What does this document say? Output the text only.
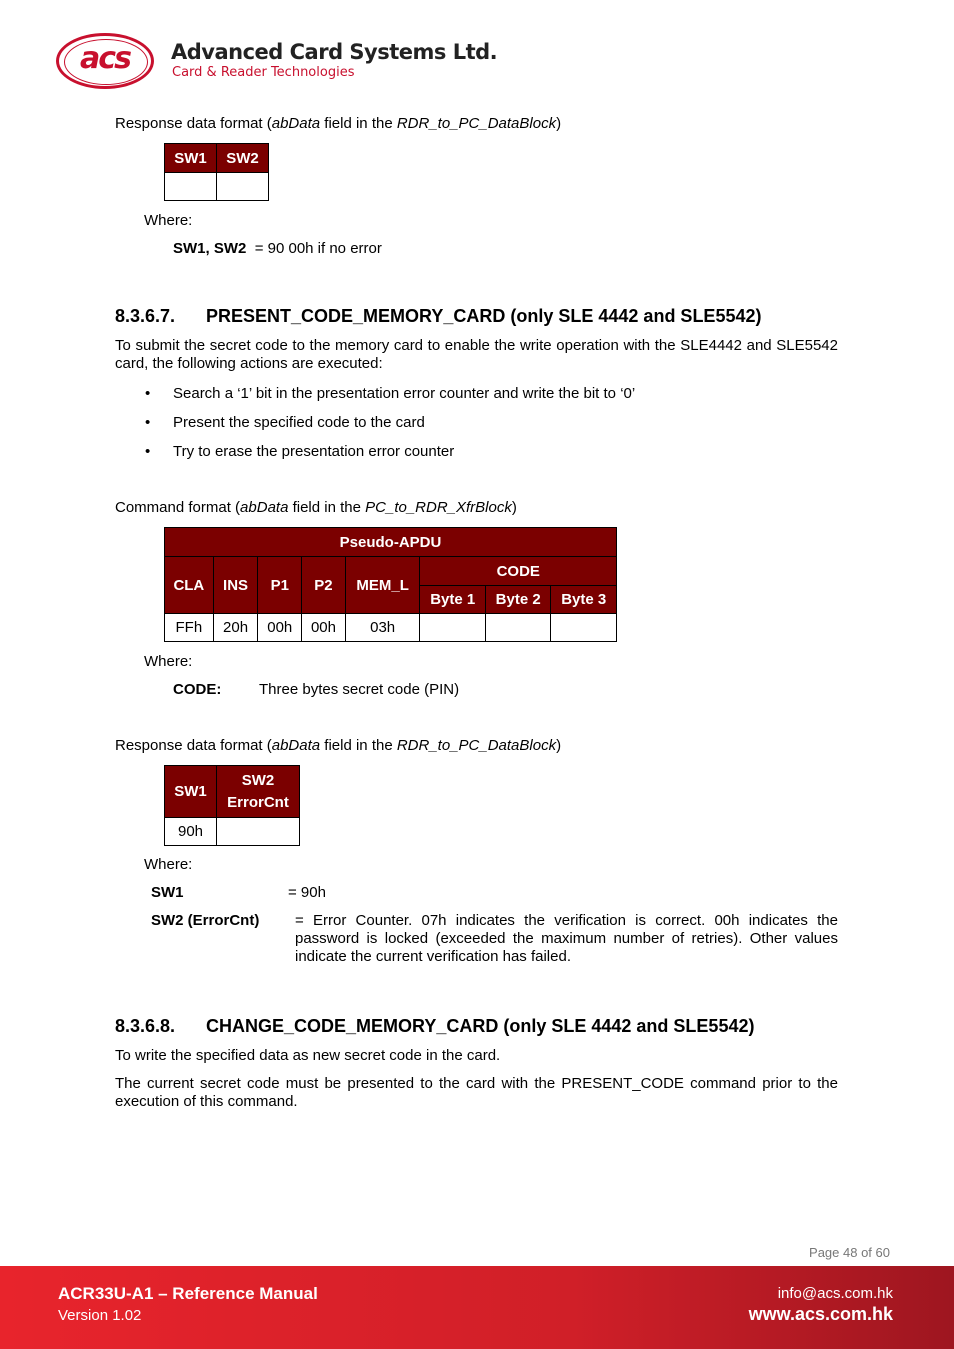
acs	Advanced Card Systems Ltd.
Card & Reader Technologies

Response data format (abData field in the RDR_to_PC_DataBlock)

SW1	SW2

Where:

SW1, SW2 = 90 00h if no error

8.3.6.7. PRESENT_CODE_MEMORY_CARD (only SLE 4442 and SLE5542)

To submit the secret code to the memory card to enable the write operation with the SLE4442 and SLE5542 card, the following actions are executed:

• Search a ‘1’ bit in the presentation error counter and write the bit to ‘0’
• Present the specified code to the card
• Try to erase the presentation error counter

Command format (abData field in the PC_to_RDR_XfrBlock)

Pseudo-APDU							
CLA	INS	P1	P2	MEM_L	CODE		
					Byte 1	Byte 2	Byte 3
FFh	20h	00h	00h	03h			

Where:

CODE:	Three bytes secret code (PIN)

Response data format (abData field in the RDR_to_PC_DataBlock)

SW1	SW2
ErrorCnt
90h	

Where:

SW1	= 90h

SW2 (ErrorCnt) = Error Counter. 07h indicates the verification is correct. 00h indicates the password is locked (exceeded the maximum number of retries). Other values indicate the current verification has failed.

8.3.6.8. CHANGE_CODE_MEMORY_CARD (only SLE 4442 and SLE5542)

To write the specified data as new secret code in the card.

The current secret code must be presented to the card with the PRESENT_CODE command prior to the execution of this command.

Page 48 of 60
ACR33U-A1 – Reference Manual
Version 1.02
info@acs.com.hk
www.acs.com.hk
